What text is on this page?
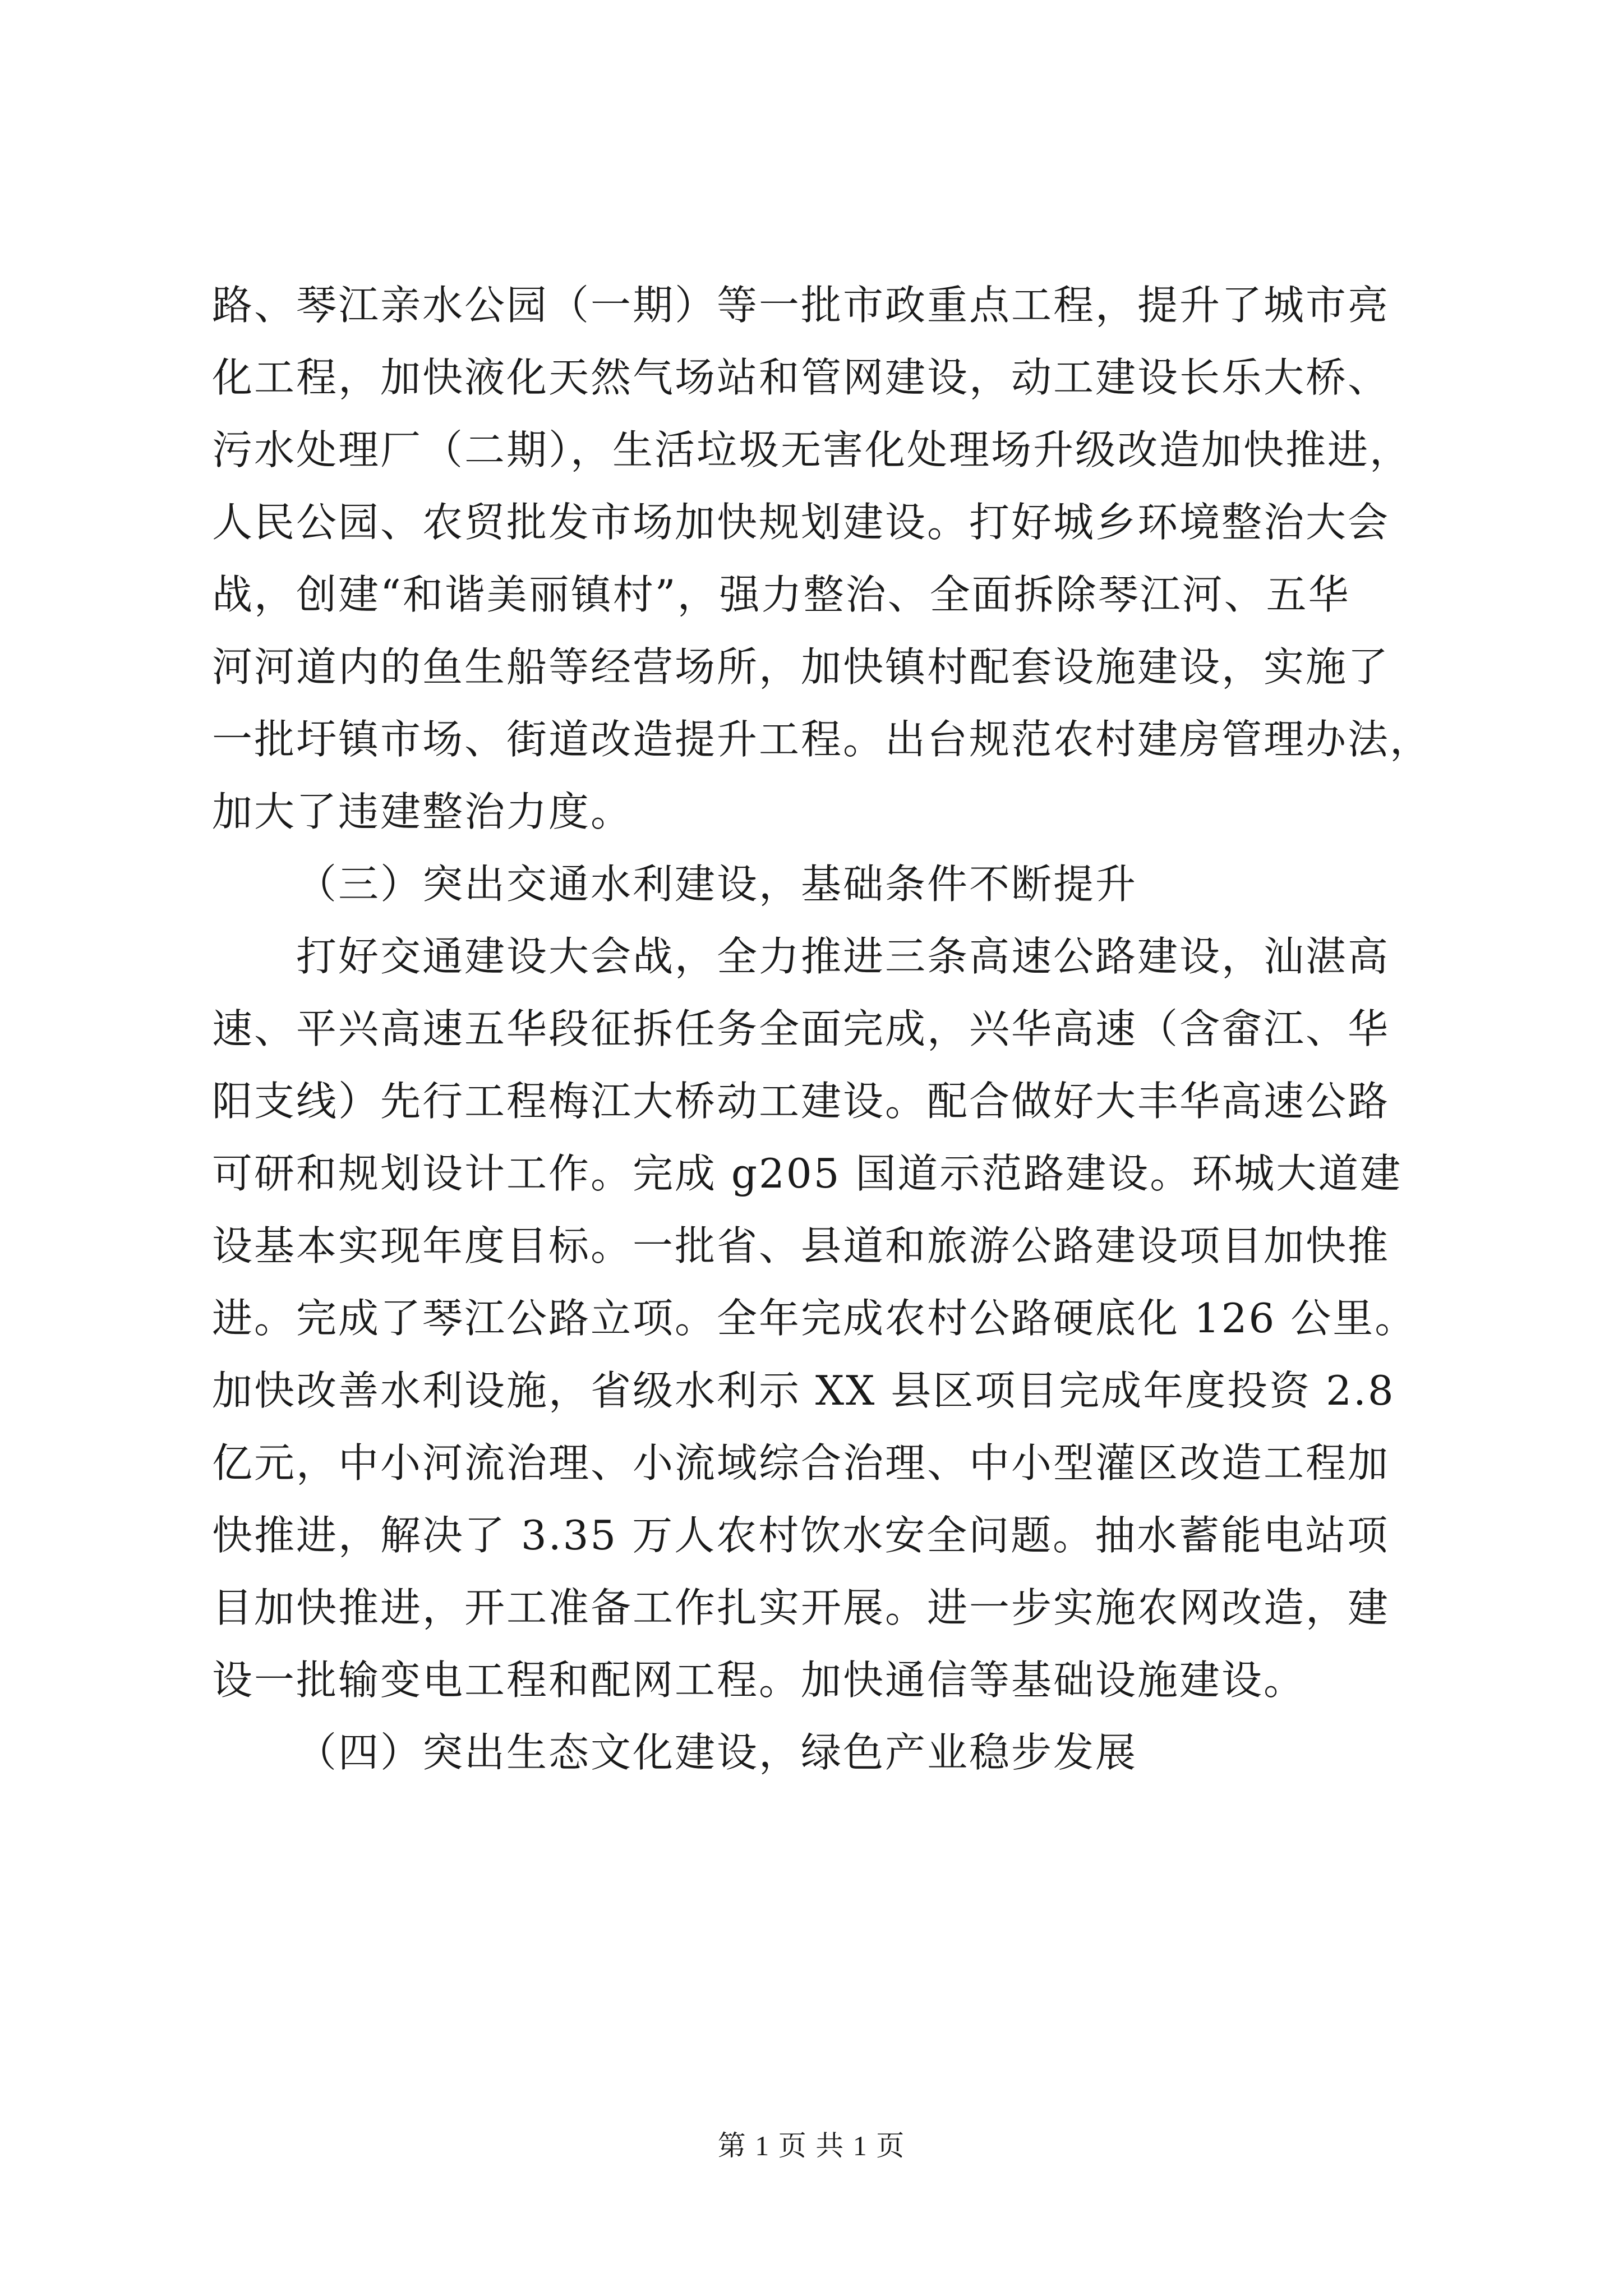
路、琴江亲水公园（一期）等一批市政重点工程，提升了城市亮
化工程，加快液化天然气场站和管网建设，动工建设长乐大桥、
污水处理厂（二期），生活垃圾无害化处理场升级改造加快推进，
人民公园、农贸批发市场加快规划建设。打好城乡环境整治大会
战，创建“和谐美丽镇村”，强力整治、全面拆除琴江河、五华
河河道内的鱼生船等经营场所，加快镇村配套设施建设，实施了
一批圩镇市场、街道改造提升工程。出台规范农村建房管理办法，
加大了违建整治力度。

（三）突出交通水利建设，基础条件不断提升

打好交通建设大会战，全力推进三条高速公路建设，汕湛高
速、平兴高速五华段征拆任务全面完成，兴华高速（含畲江、华
阳支线）先行工程梅江大桥动工建设。配合做好大丰华高速公路
可研和规划设计工作。完成 g205 国道示范路建设。环城大道建
设基本实现年度目标。一批省、县道和旅游公路建设项目加快推
进。完成了琴江公路立项。全年完成农村公路硬底化 126 公里。
加快改善水利设施，省级水利示 XX 县区项目完成年度投资 2.8
亿元，中小河流治理、小流域综合治理、中小型灌区改造工程加
快推进，解决了 3.35 万人农村饮水安全问题。抽水蓄能电站项
目加快推进，开工准备工作扎实开展。进一步实施农网改造，建
设一批输变电工程和配网工程。加快通信等基础设施建设。

（四）突出生态文化建设，绿色产业稳步发展

第 1 页 共 1 页
